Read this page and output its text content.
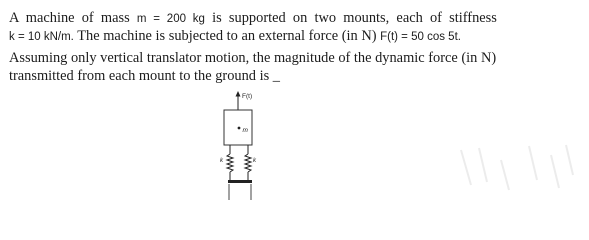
A machine of mass m = 200 kg is supported on two mounts, each of stiffness
k = 10 kN/m. The machine is subjected to an external force (in N) F(t) = 50 cos 5t.
Assuming only vertical translator motion, the magnitude of the dynamic force (in N)
transmitted from each mount to the ground is _
F(t)
m
k	k
